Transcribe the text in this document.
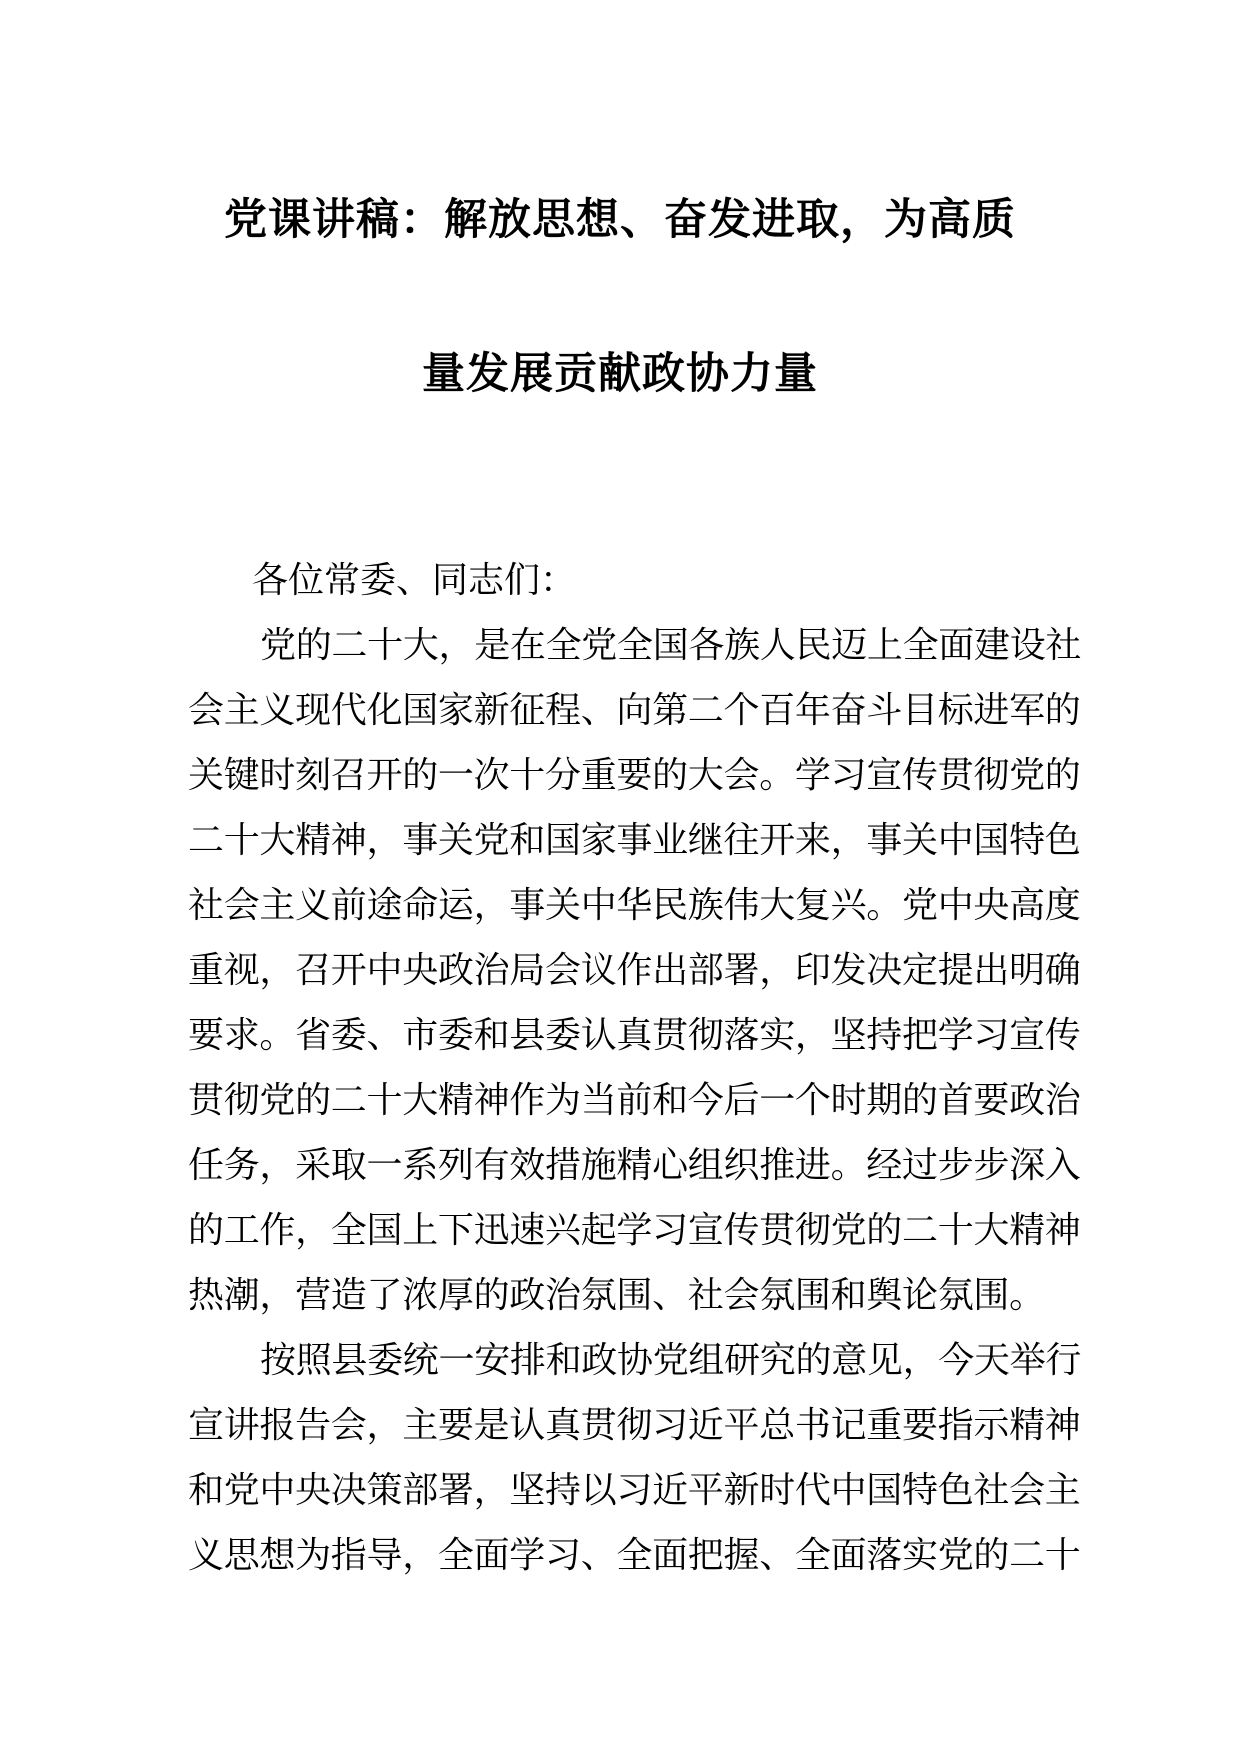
党课讲稿：解放思想、奋发进取，为高质
量发展贡献政协力量

各位常委、同志们：

党的二十大，是在全党全国各族人民迈上全面建设社
会主义现代化国家新征程、向第二个百年奋斗目标进军的
关键时刻召开的一次十分重要的大会。学习宣传贯彻党的
二十大精神，事关党和国家事业继往开来，事关中国特色
社会主义前途命运，事关中华民族伟大复兴。党中央高度
重视，召开中央政治局会议作出部署，印发决定提出明确
要求。省委、市委和县委认真贯彻落实，坚持把学习宣传
贯彻党的二十大精神作为当前和今后一个时期的首要政治
任务，采取一系列有效措施精心组织推进。经过步步深入
的工作，全国上下迅速兴起学习宣传贯彻党的二十大精神
热潮，营造了浓厚的政治氛围、社会氛围和舆论氛围。

按照县委统一安排和政协党组研究的意见，今天举行
宣讲报告会，主要是认真贯彻习近平总书记重要指示精神
和党中央决策部署，坚持以习近平新时代中国特色社会主
义思想为指导，全面学习、全面把握、全面落实党的二十
